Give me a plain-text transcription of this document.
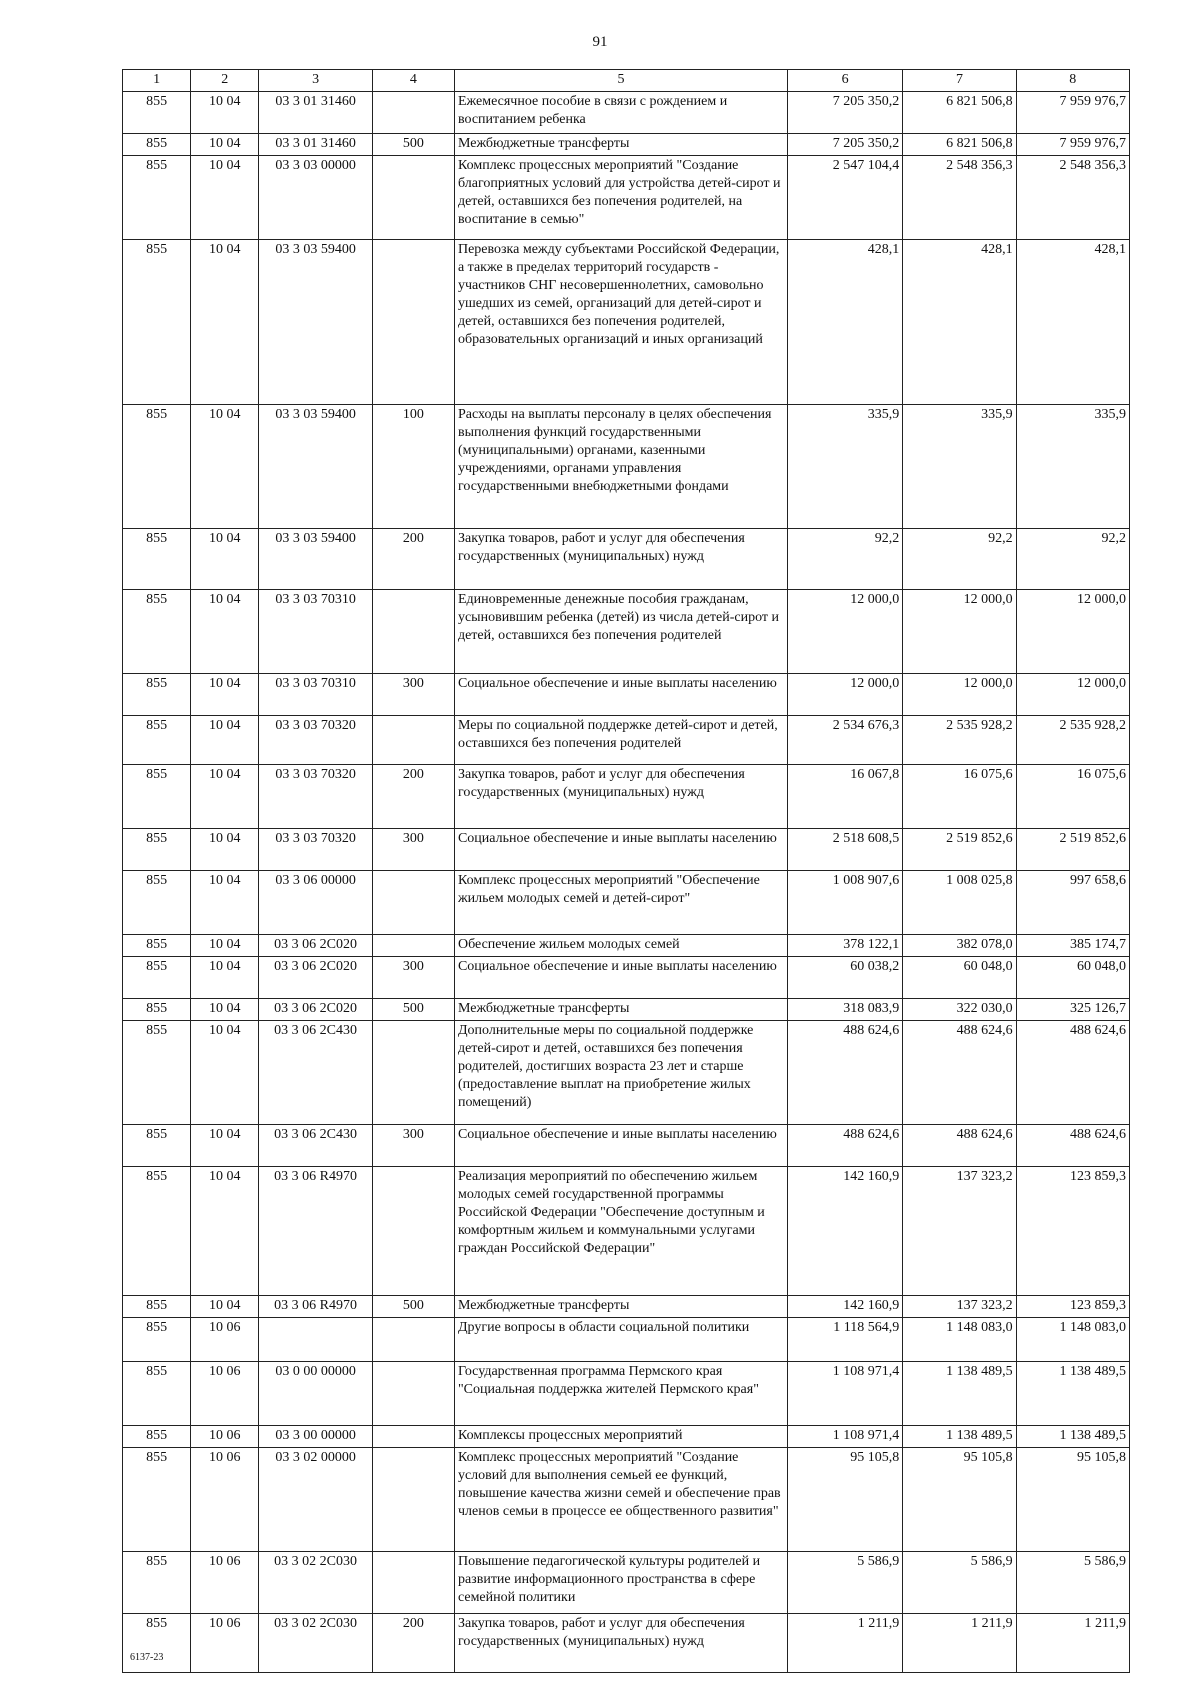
91
1	2	3	4	5	6	7	8
855	10 04	03 3 01 31460		Ежемесячное пособие в связи с рождением и воспитанием ребенка	7 205 350,2	6 821 506,8	7 959 976,7
855	10 04	03 3 01 31460	500	Межбюджетные трансферты	7 205 350,2	6 821 506,8	7 959 976,7
855	10 04	03 3 03 00000		Комплекс процессных мероприятий "Создание благоприятных условий для устройства детей-сирот и детей, оставшихся без попечения родителей, на воспитание в семью"	2 547 104,4	2 548 356,3	2 548 356,3
855	10 04	03 3 03 59400		Перевозка между субъектами Российской Федерации, а также в пределах территорий государств - участников СНГ несовершеннолетних, самовольно ушедших из семей, организаций для детей-сирот и детей, оставшихся без попечения родителей, образовательных организаций и иных организаций	428,1	428,1	428,1
855	10 04	03 3 03 59400	100	Расходы на выплаты персоналу в целях обеспечения выполнения функций государственными (муниципальными) органами, казенными учреждениями, органами управления государственными внебюджетными фондами	335,9	335,9	335,9
855	10 04	03 3 03 59400	200	Закупка товаров, работ и услуг для обеспечения государственных (муниципальных) нужд	92,2	92,2	92,2
855	10 04	03 3 03 70310		Единовременные денежные пособия гражданам, усыновившим ребенка (детей) из числа детей-сирот и детей, оставшихся без попечения родителей	12 000,0	12 000,0	12 000,0
855	10 04	03 3 03 70310	300	Социальное обеспечение и иные выплаты населению	12 000,0	12 000,0	12 000,0
855	10 04	03 3 03 70320		Меры по социальной поддержке детей-сирот и детей, оставшихся без попечения родителей	2 534 676,3	2 535 928,2	2 535 928,2
855	10 04	03 3 03 70320	200	Закупка товаров, работ и услуг для обеспечения государственных (муниципальных) нужд	16 067,8	16 075,6	16 075,6
855	10 04	03 3 03 70320	300	Социальное обеспечение и иные выплаты населению	2 518 608,5	2 519 852,6	2 519 852,6
855	10 04	03 3 06 00000		Комплекс процессных мероприятий "Обеспечение жильем молодых семей и детей-сирот"	1 008 907,6	1 008 025,8	997 658,6
855	10 04	03 3 06 2С020		Обеспечение жильем молодых семей	378 122,1	382 078,0	385 174,7
855	10 04	03 3 06 2С020	300	Социальное обеспечение и иные выплаты населению	60 038,2	60 048,0	60 048,0
855	10 04	03 3 06 2С020	500	Межбюджетные трансферты	318 083,9	322 030,0	325 126,7
855	10 04	03 3 06 2С430		Дополнительные меры по социальной поддержке детей-сирот и детей, оставшихся без попечения родителей, достигших возраста 23 лет и старше (предоставление выплат на приобретение жилых помещений)	488 624,6	488 624,6	488 624,6
855	10 04	03 3 06 2С430	300	Социальное обеспечение и иные выплаты населению	488 624,6	488 624,6	488 624,6
855	10 04	03 3 06 R4970		Реализация мероприятий по обеспечению жильем молодых семей государственной программы Российской Федерации "Обеспечение доступным и комфортным жильем и коммунальными услугами граждан Российской Федерации"	142 160,9	137 323,2	123 859,3
855	10 04	03 3 06 R4970	500	Межбюджетные трансферты	142 160,9	137 323,2	123 859,3
855	10 06			Другие вопросы в области социальной политики	1 118 564,9	1 148 083,0	1 148 083,0
855	10 06	03 0 00 00000		Государственная программа Пермского края "Социальная поддержка жителей Пермского края"	1 108 971,4	1 138 489,5	1 138 489,5
855	10 06	03 3 00 00000		Комплексы процессных мероприятий	1 108 971,4	1 138 489,5	1 138 489,5
855	10 06	03 3 02 00000		Комплекс процессных мероприятий "Создание условий для выполнения семьей ее функций, повышение качества жизни семей и обеспечение прав членов семьи в процессе ее общественного развития"	95 105,8	95 105,8	95 105,8
855	10 06	03 3 02 2С030		Повышение педагогической культуры родителей и развитие информационного пространства в сфере семейной политики	5 586,9	5 586,9	5 586,9
855	10 06	03 3 02 2С030	200	Закупка товаров, работ и услуг для обеспечения государственных (муниципальных) нужд	1 211,9	1 211,9	1 211,9
6137-23
